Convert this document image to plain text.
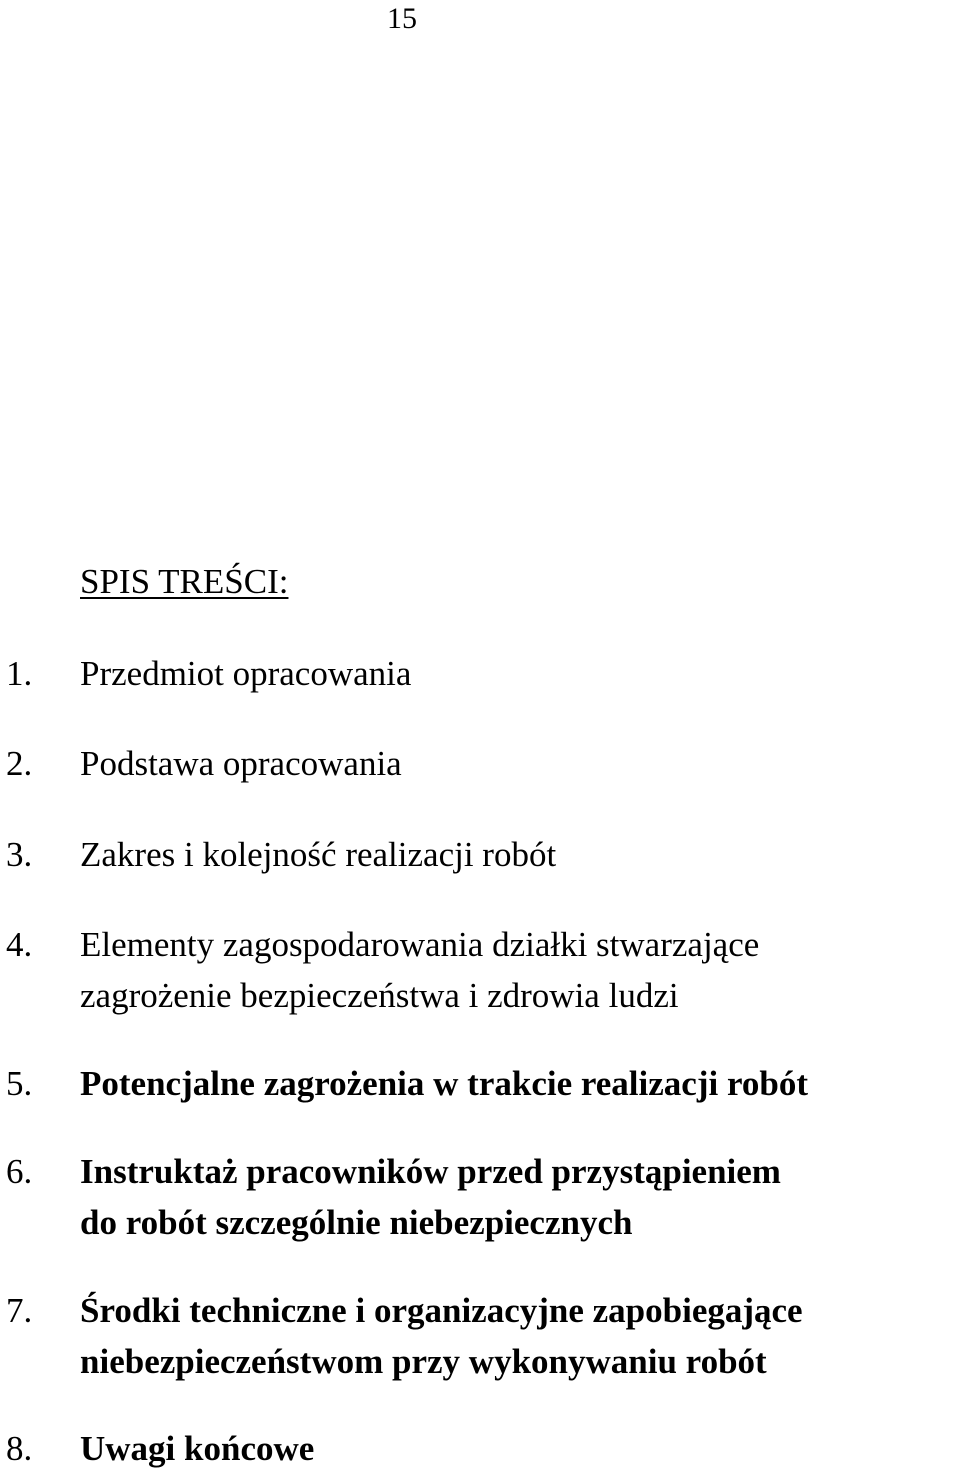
15
SPIS TREŚCI:
1. Przedmiot opracowania
2. Podstawa opracowania
3. Zakres i kolejność realizacji robót
4. Elementy zagospodarowania działki stwarzające
zagrożenie bezpieczeństwa i zdrowia ludzi
5. Potencjalne zagrożenia w trakcie realizacji robót
6. Instruktaż pracowników przed przystąpieniem
do robót szczególnie niebezpiecznych
7. Środki techniczne i organizacyjne zapobiegające
niebezpieczeństwom przy wykonywaniu robót
8. Uwagi końcowe
